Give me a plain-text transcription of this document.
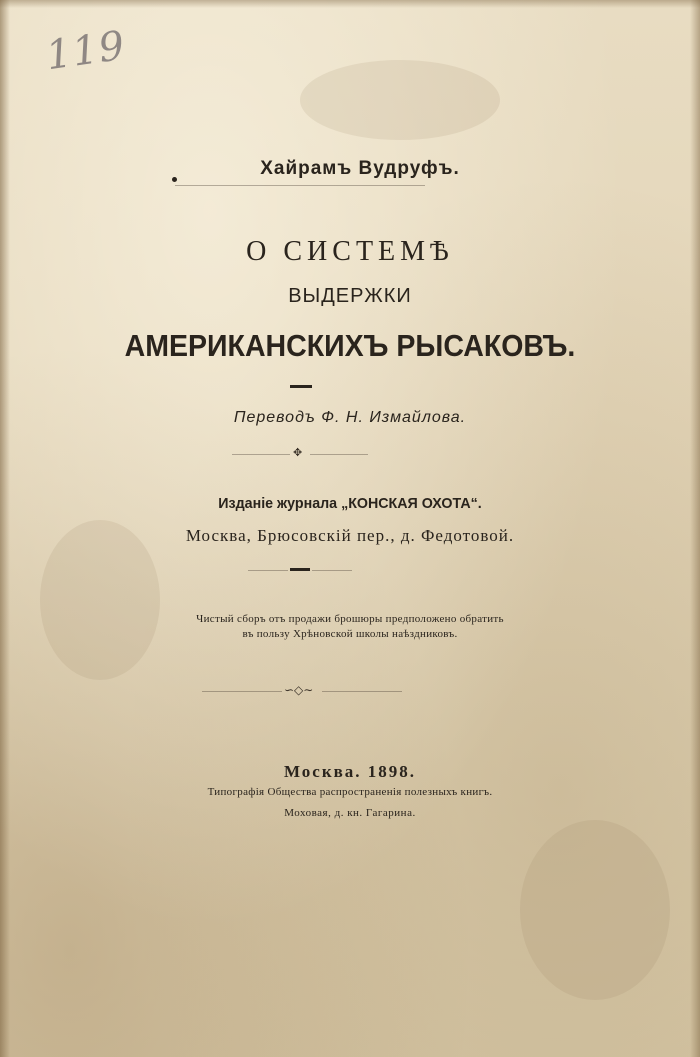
119
Хайрамъ Вудруфъ.
О СИСТЕМѢ
ВЫДЕРЖКИ
АМЕРИКАНСКИХЪ РЫСАКОВЪ.
Переводъ Ф. Н. Измайлова.
✥
Изданiе журнала „КОНСКАЯ ОХОТА“.
Москва, Брюсовскiй пер., д. Федотовой.
Чистый сборъ отъ продажи брошюры предположено обратить
въ пользу Хрѣновской школы наѣздниковъ.
∽◇∼
Москва. 1898.
Типографiя Общества распространенiя полезныхъ книгъ.
Моховая, д. кн. Гагарина.
